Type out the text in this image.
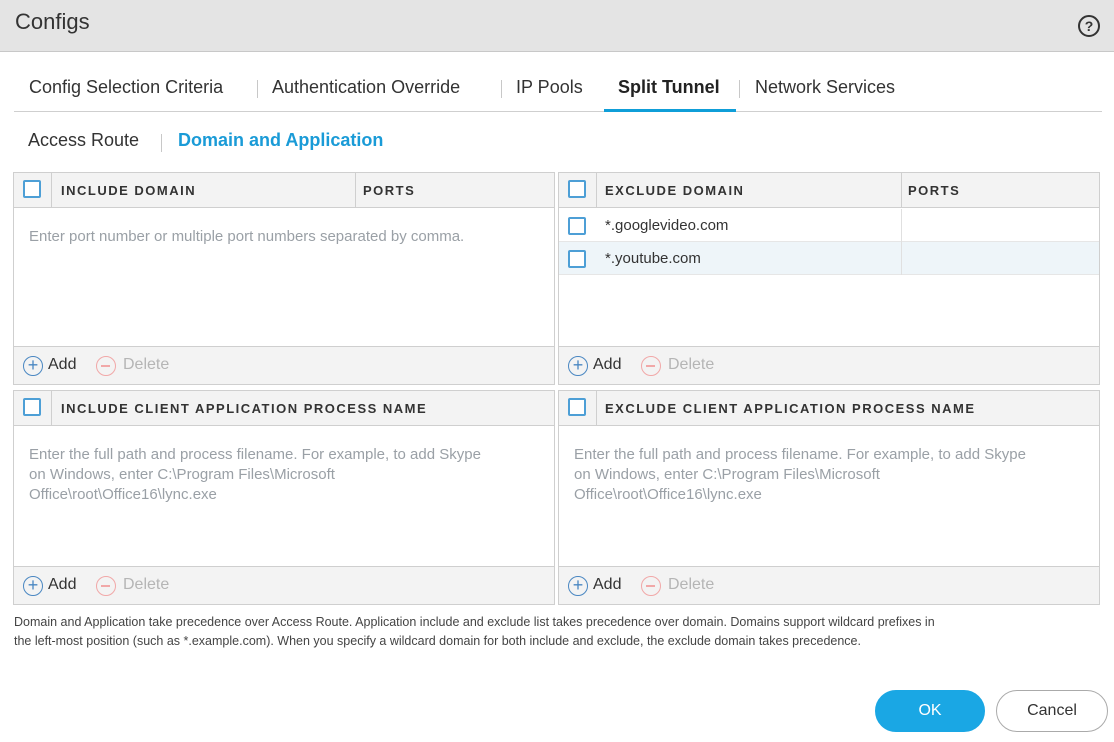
Configs	?
Config Selection Criteria	Authentication Override	IP Pools Split Tunnel Network Services
Access Route Domain and Application
INCLUDE DOMAIN	PORTS
Enter port number or multiple port numbers separated by comma.
+ Add	Delete
EXCLUDE DOMAIN	PORTS
*.googlevideo.com
*.youtube.com
+ Add	Delete
INCLUDE CLIENT APPLICATION PROCESS NAME
Enter the full path and process filename. For example, to add Skype
on Windows, enter C:\Program Files\Microsoft
Office\root\Office16\lync.exe
+ Add	Delete
EXCLUDE CLIENT APPLICATION PROCESS NAME
Enter the full path and process filename. For example, to add Skype
on Windows, enter C:\Program Files\Microsoft
Office\root\Office16\lync.exe
+ Add	Delete
Domain and Application take precedence over Access Route. Application include and exclude list takes precedence over domain. Domains support wildcard prefixes in
the left-most position (such as *.example.com). When you specify a wildcard domain for both include and exclude, the exclude domain takes precedence.
OK	Cancel
